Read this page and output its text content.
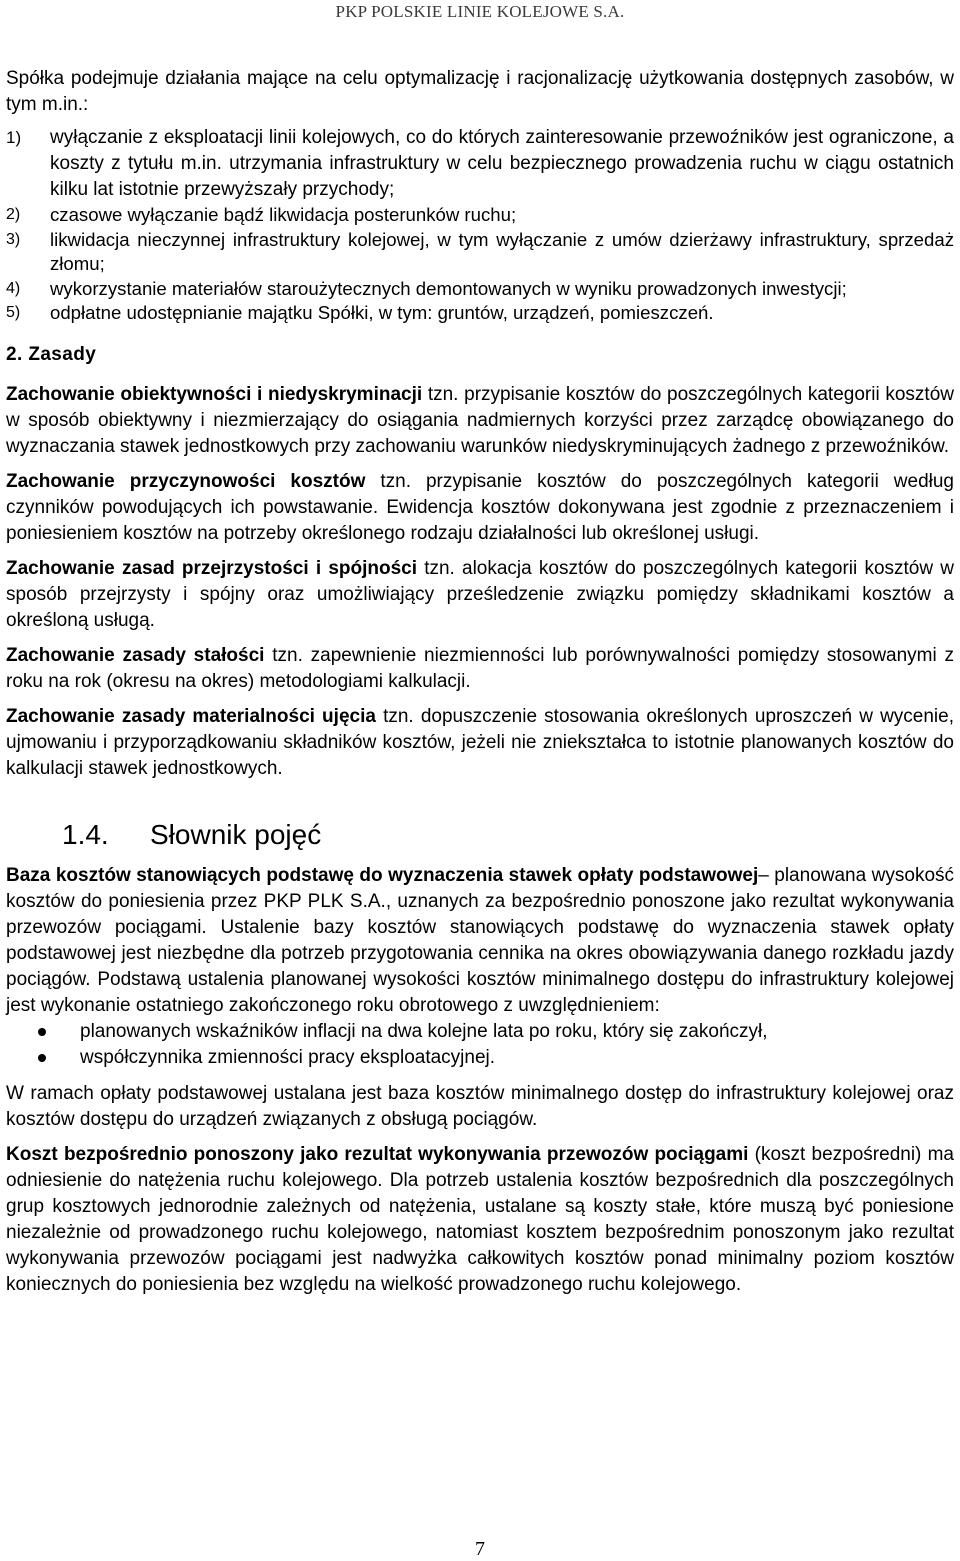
PKP POLSKIE LINIE KOLEJOWE S.A.

Spółka podejmuje działania mające na celu optymalizację i racjonalizację użytkowania dostępnych zasobów, w tym m.in.:

1) wyłączanie z eksploatacji linii kolejowych, co do których zainteresowanie przewoźników jest ograniczone, a koszty z tytułu m.in. utrzymania infrastruktury w celu bezpiecznego prowadzenia ruchu w ciągu ostatnich kilku lat istotnie przewyższały przychody;
2) czasowe wyłączanie bądź likwidacja posterunków ruchu;
3) likwidacja nieczynnej infrastruktury kolejowej, w tym wyłączanie z umów dzierżawy infrastruktury, sprzedaż złomu;
4) wykorzystanie materiałów staroużytecznych demontowanych w wyniku prowadzonych inwestycji;
5) odpłatne udostępnianie majątku Spółki, w tym: gruntów, urządzeń, pomieszczeń.

2. Zasady

Zachowanie obiektywności i niedyskryminacji tzn. przypisanie kosztów do poszczególnych kategorii kosztów w sposób obiektywny i niezmierzający do osiągania nadmiernych korzyści przez zarządcę obowiązanego do wyznaczania stawek jednostkowych przy zachowaniu warunków niedyskryminujących żadnego z przewoźników.

Zachowanie przyczynowości kosztów tzn. przypisanie kosztów do poszczególnych kategorii według czynników powodujących ich powstawanie. Ewidencja kosztów dokonywana jest zgodnie z przeznaczeniem i poniesieniem kosztów na potrzeby określonego rodzaju działalności lub określonej usługi.

Zachowanie zasad przejrzystości i spójności tzn. alokacja kosztów do poszczególnych kategorii kosztów w sposób przejrzysty i spójny oraz umożliwiający prześledzenie związku pomiędzy składnikami kosztów a określoną usługą.

Zachowanie zasady stałości tzn. zapewnienie niezmienności lub porównywalności pomiędzy stosowanymi z roku na rok (okresu na okres) metodologiami kalkulacji.

Zachowanie zasady materialności ujęcia tzn. dopuszczenie stosowania określonych uproszczeń w wycenie, ujmowaniu i przyporządkowaniu składników kosztów, jeżeli nie zniekształca to istotnie planowanych kosztów do kalkulacji stawek jednostkowych.

1.4. Słownik pojęć

Baza kosztów stanowiących podstawę do wyznaczenia stawek opłaty podstawowej– planowana wysokość kosztów do poniesienia przez PKP PLK S.A., uznanych za bezpośrednio ponoszone jako rezultat wykonywania przewozów pociągami. Ustalenie bazy kosztów stanowiących podstawę do wyznaczenia stawek opłaty podstawowej jest niezbędne dla potrzeb przygotowania cennika na okres obowiązywania danego rozkładu jazdy pociągów. Podstawą ustalenia planowanej wysokości kosztów minimalnego dostępu do infrastruktury kolejowej jest wykonanie ostatniego zakończonego roku obrotowego z uwzględnieniem:

planowanych wskaźników inflacji na dwa kolejne lata po roku, który się zakończył,
współczynnika zmienności pracy eksploatacyjnej.

W ramach opłaty podstawowej ustalana jest baza kosztów minimalnego dostęp do infrastruktury kolejowej oraz kosztów dostępu do urządzeń związanych z obsługą pociągów.

Koszt bezpośrednio ponoszony jako rezultat wykonywania przewozów pociągami (koszt bezpośredni) ma odniesienie do natężenia ruchu kolejowego. Dla potrzeb ustalenia kosztów bezpośrednich dla poszczególnych grup kosztowych jednorodnie zależnych od natężenia, ustalane są koszty stałe, które muszą być poniesione niezależnie od prowadzonego ruchu kolejowego, natomiast kosztem bezpośrednim ponoszonym jako rezultat wykonywania przewozów pociągami jest nadwyżka całkowitych kosztów ponad minimalny poziom kosztów koniecznych do poniesienia bez względu na wielkość prowadzonego ruchu kolejowego.

7
